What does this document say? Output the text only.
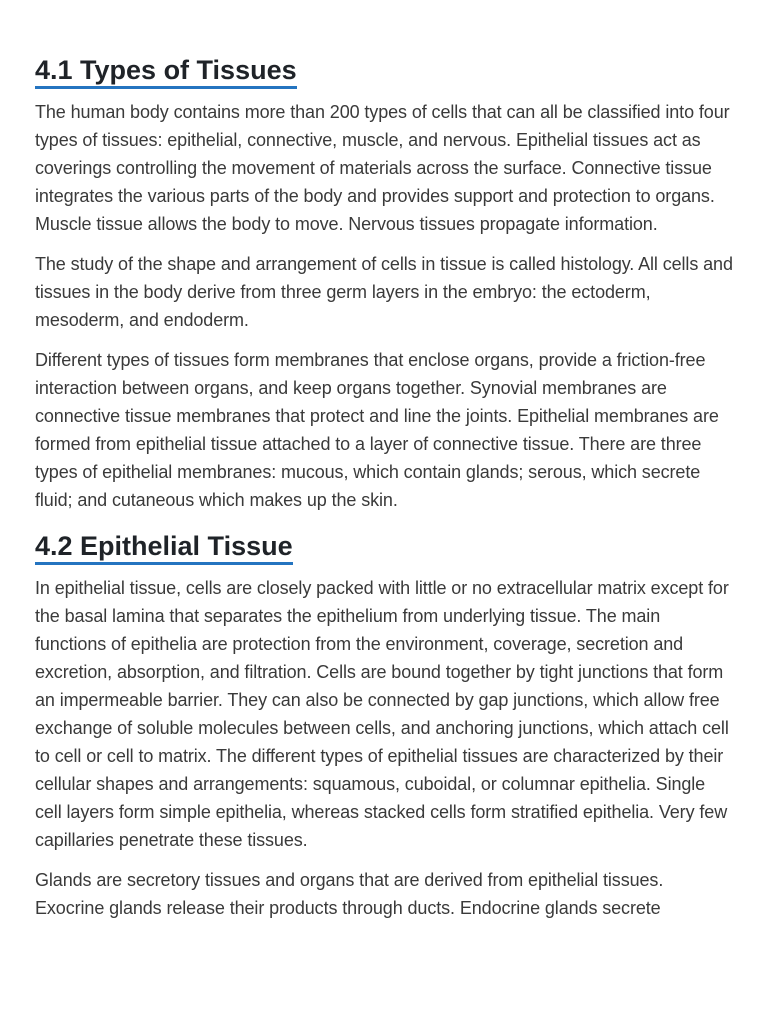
4.1 Types of Tissues

The human body contains more than 200 types of cells that can all be classified into four types of tissues: epithelial, connective, muscle, and nervous. Epithelial tissues act as coverings controlling the movement of materials across the surface. Connective tissue integrates the various parts of the body and provides support and protection to organs. Muscle tissue allows the body to move. Nervous tissues propagate information.

The study of the shape and arrangement of cells in tissue is called histology. All cells and tissues in the body derive from three germ layers in the embryo: the ectoderm, mesoderm, and endoderm.

Different types of tissues form membranes that enclose organs, provide a friction-free interaction between organs, and keep organs together. Synovial membranes are connective tissue membranes that protect and line the joints. Epithelial membranes are formed from epithelial tissue attached to a layer of connective tissue. There are three types of epithelial membranes: mucous, which contain glands; serous, which secrete fluid; and cutaneous which makes up the skin.

4.2 Epithelial Tissue

In epithelial tissue, cells are closely packed with little or no extracellular matrix except for the basal lamina that separates the epithelium from underlying tissue. The main functions of epithelia are protection from the environment, coverage, secretion and excretion, absorption, and filtration. Cells are bound together by tight junctions that form an impermeable barrier. They can also be connected by gap junctions, which allow free exchange of soluble molecules between cells, and anchoring junctions, which attach cell to cell or cell to matrix. The different types of epithelial tissues are characterized by their cellular shapes and arrangements: squamous, cuboidal, or columnar epithelia. Single cell layers form simple epithelia, whereas stacked cells form stratified epithelia. Very few capillaries penetrate these tissues.

Glands are secretory tissues and organs that are derived from epithelial tissues. Exocrine glands release their products through ducts. Endocrine glands secrete
